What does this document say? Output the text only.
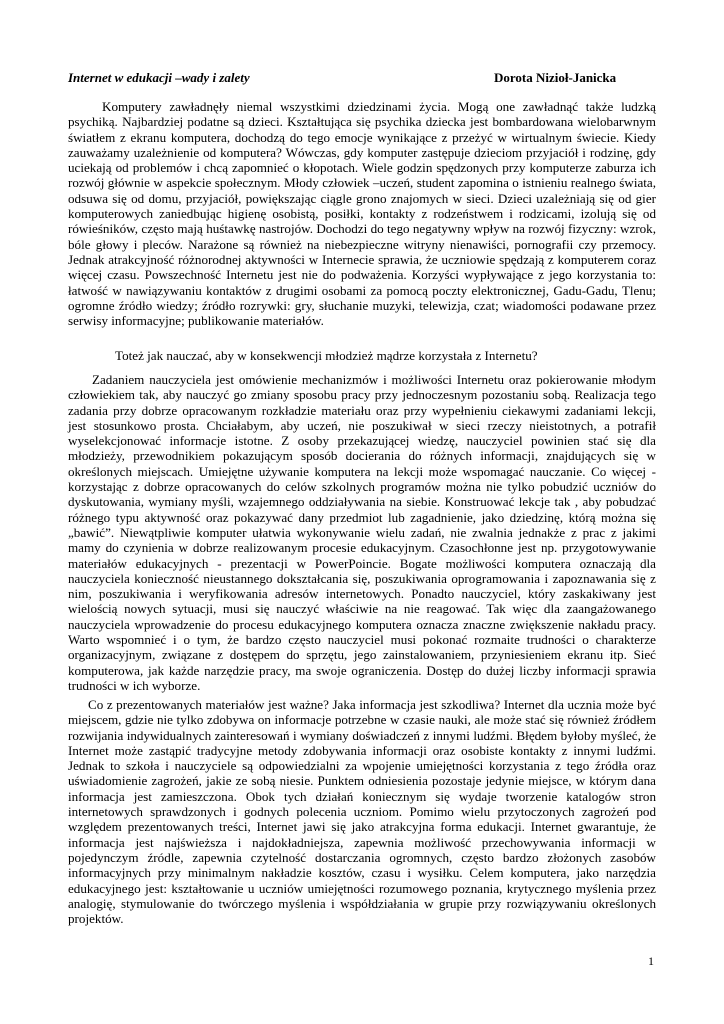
Internet w edukacji –wady i zalety	Dorota Nizioł-Janicka

Komputery zawładnęły niemal wszystkimi dziedzinami życia. Mogą one zawładnąć także ludzką psychiką. Najbardziej podatne są dzieci. Kształtująca się psychika dziecka jest bombardowana wielobarwnym światłem z ekranu komputera, dochodzą do tego emocje wynikające z przeżyć w wirtualnym świecie. Kiedy zauważamy uzależnienie od komputera? Wówczas, gdy komputer zastępuje dzieciom przyjaciół i rodzinę, gdy uciekają od problemów i chcą zapomnieć o kłopotach. Wiele godzin spędzonych przy komputerze zaburza ich rozwój głównie w aspekcie społecznym. Młody człowiek –uczeń, student zapomina o istnieniu realnego świata, odsuwa się od domu, przyjaciół, powiększając ciągle grono znajomych w sieci. Dzieci uzależniają się od gier komputerowych zaniedbując higienę osobistą, posiłki, kontakty z rodzeństwem i rodzicami, izolują się od rówieśników, często mają huśtawkę nastrojów. Dochodzi do tego negatywny wpływ na rozwój fizyczny: wzrok, bóle głowy i pleców. Narażone są również na niebezpieczne witryny nienawiści, pornografii czy przemocy. Jednak atrakcyjność różnorodnej aktywności w Internecie sprawia, że uczniowie spędzają z komputerem coraz więcej czasu. Powszechność Internetu jest nie do podważenia. Korzyści wypływające z jego korzystania to: łatwość w nawiązywaniu kontaktów z drugimi osobami za pomocą poczty elektronicznej, Gadu-Gadu, Tlenu; ogromne źródło wiedzy; źródło rozrywki: gry, słuchanie muzyki, telewizja, czat; wiadomości podawane przez serwisy informacyjne; publikowanie materiałów.

Toteż jak nauczać, aby w konsekwencji młodzież mądrze korzystała z Internetu?

Zadaniem nauczyciela jest omówienie mechanizmów i możliwości Internetu oraz pokierowanie młodym człowiekiem tak, aby nauczyć go zmiany sposobu pracy przy jednoczesnym pozostaniu sobą. Realizacja tego zadania przy dobrze opracowanym rozkładzie materiału oraz przy wypełnieniu ciekawymi zadaniami lekcji, jest stosunkowo prosta. Chciałabym, aby uczeń, nie poszukiwał w sieci rzeczy nieistotnych, a potrafił wyselekcjonować informacje istotne. Z osoby przekazującej wiedzę, nauczyciel powinien stać się dla młodzieży, przewodnikiem pokazującym sposób docierania do różnych informacji, znajdujących się w określonych miejscach. Umiejętne używanie komputera na lekcji może wspomagać nauczanie. Co więcej - korzystając z dobrze opracowanych do celów szkolnych programów można nie tylko pobudzić uczniów do dyskutowania, wymiany myśli, wzajemnego oddziaływania na siebie. Konstruować lekcje tak , aby pobudzać różnego typu aktywność oraz pokazywać dany przedmiot lub zagadnienie, jako dziedzinę, którą można się „bawić”. Niewątpliwie komputer ułatwia wykonywanie wielu zadań, nie zwalnia jednakże z prac z jakimi mamy do czynienia w dobrze realizowanym procesie edukacyjnym. Czasochłonne jest np. przygotowywanie materiałów edukacyjnych - prezentacji w PowerPoincie. Bogate możliwości komputera oznaczają dla nauczyciela konieczność nieustannego dokształcania się, poszukiwania oprogramowania i zapoznawania się z nim, poszukiwania i weryfikowania adresów internetowych. Ponadto nauczyciel, który zaskakiwany jest wielością nowych sytuacji, musi się nauczyć właściwie na nie reagować. Tak więc dla zaangażowanego nauczyciela wprowadzenie do procesu edukacyjnego komputera oznacza znaczne zwiększenie nakładu pracy. Warto wspomnieć i o tym, że bardzo często nauczyciel musi pokonać rozmaite trudności o charakterze organizacyjnym, związane z dostępem do sprzętu, jego zainstalowaniem, przyniesieniem ekranu itp. Sieć komputerowa, jak każde narzędzie pracy, ma swoje ograniczenia. Dostęp do dużej liczby informacji sprawia trudności w ich wyborze.

Co z prezentowanych materiałów jest ważne? Jaka informacja jest szkodliwa? Internet dla ucznia może być miejscem, gdzie nie tylko zdobywa on informacje potrzebne w czasie nauki, ale może stać się również źródłem rozwijania indywidualnych zainteresowań i wymiany doświadczeń z innymi ludźmi. Błędem byłoby myśleć, że Internet może zastąpić tradycyjne metody zdobywania informacji oraz osobiste kontakty z innymi ludźmi. Jednak to szkoła i nauczyciele są odpowiedzialni za wpojenie umiejętności korzystania z tego źródła oraz uświadomienie zagrożeń, jakie ze sobą niesie. Punktem odniesienia pozostaje jedynie miejsce, w którym dana informacja jest zamieszczona. Obok tych działań koniecznym się wydaje tworzenie katalogów stron internetowych sprawdzonych i godnych polecenia uczniom. Pomimo wielu przytoczonych zagrożeń pod względem prezentowanych treści, Internet jawi się jako atrakcyjna forma edukacji. Internet gwarantuje, że informacja jest najświeższa i najdokładniejsza, zapewnia możliwość przechowywania informacji w pojedynczym źródle, zapewnia czytelność dostarczania ogromnych, często bardzo złożonych zasobów informacyjnych przy minimalnym nakładzie kosztów, czasu i wysiłku. Celem komputera, jako narzędzia edukacyjnego jest: kształtowanie u uczniów umiejętności rozumowego poznania, krytycznego myślenia przez analogię, stymulowanie do twórczego myślenia i współdziałania w grupie przy rozwiązywaniu określonych projektów.

1
